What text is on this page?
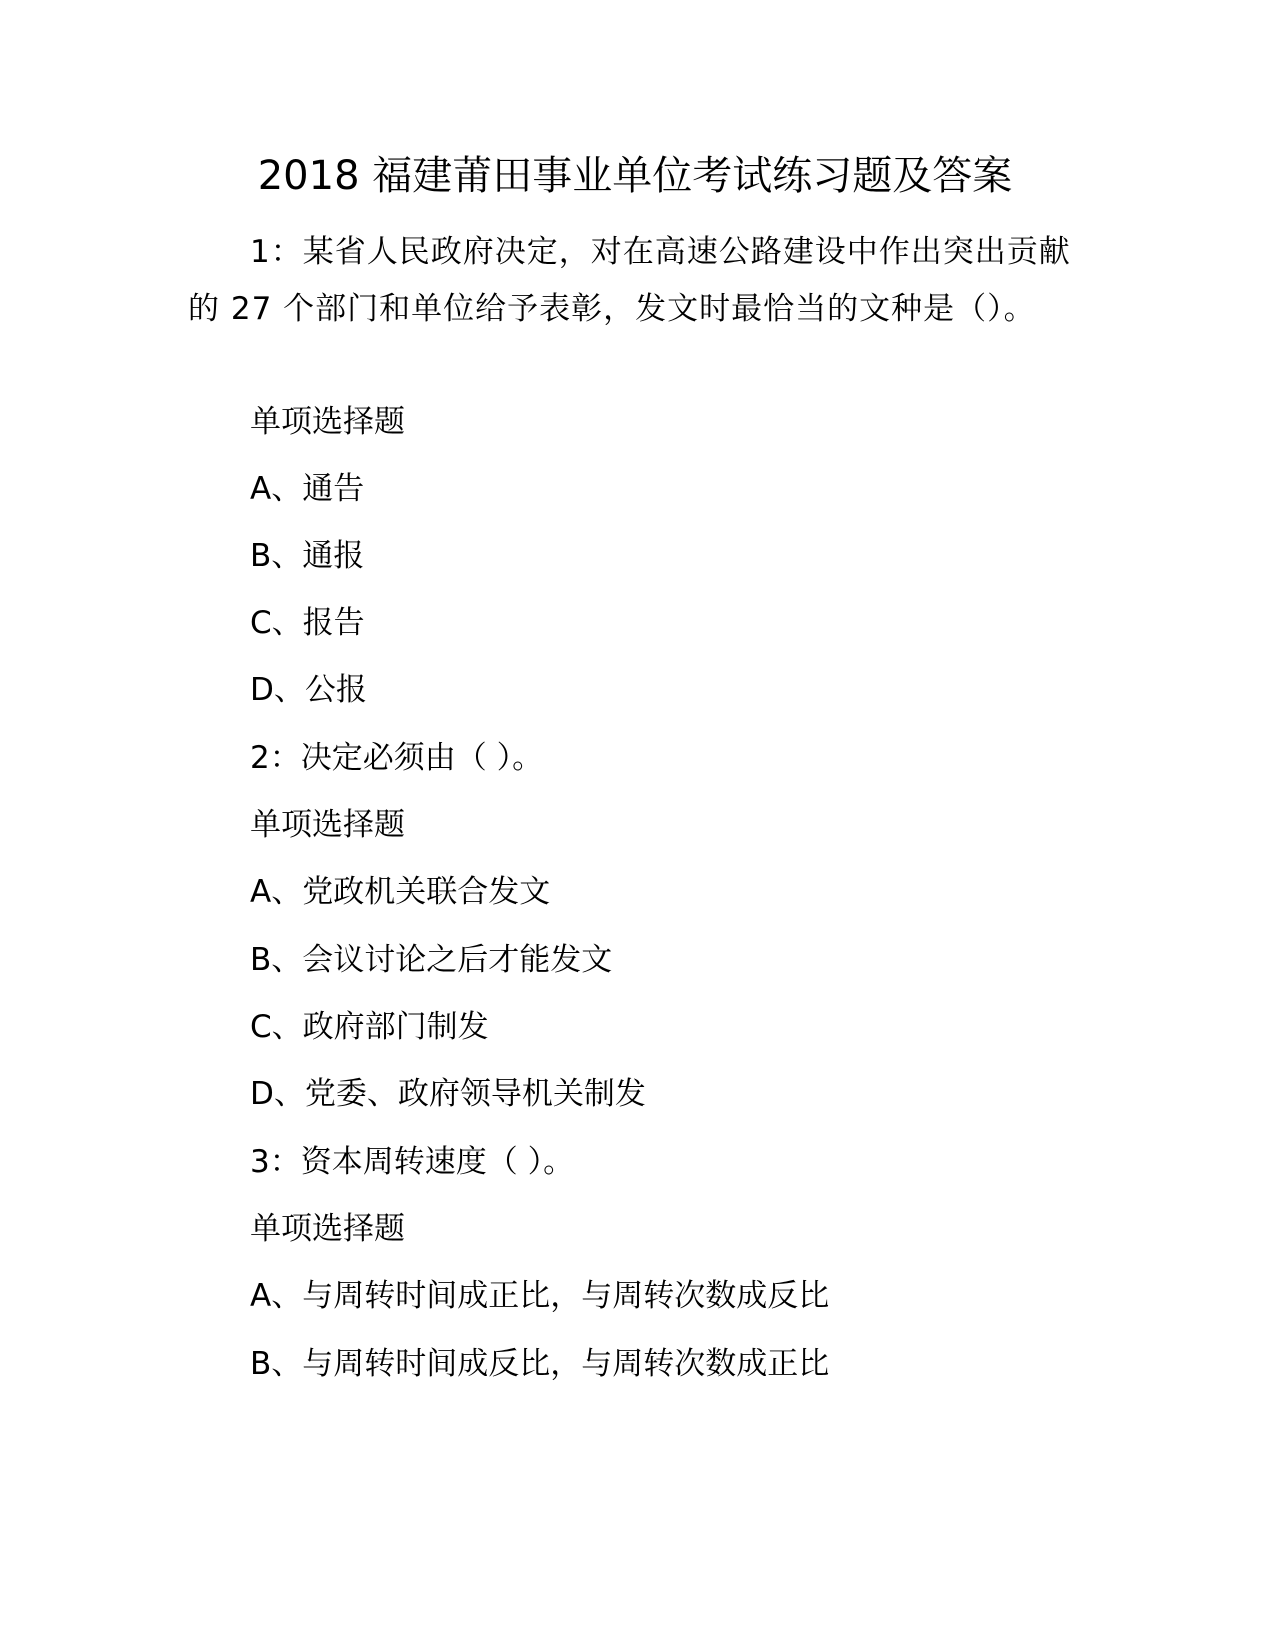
2018 福建莆田事业单位考试练习题及答案
1：某省人民政府决定，对在高速公路建设中作出突出贡献的 27 个部门和单位给予表彰，发文时最恰当的文种是（）。
单项选择题
A、通告
B、通报
C、报告
D、公报
2：决定必须由（ ）。
单项选择题
A、党政机关联合发文
B、会议讨论之后才能发文
C、政府部门制发
D、党委、政府领导机关制发
3：资本周转速度（ ）。
单项选择题
A、与周转时间成正比，与周转次数成反比
B、与周转时间成反比，与周转次数成正比
